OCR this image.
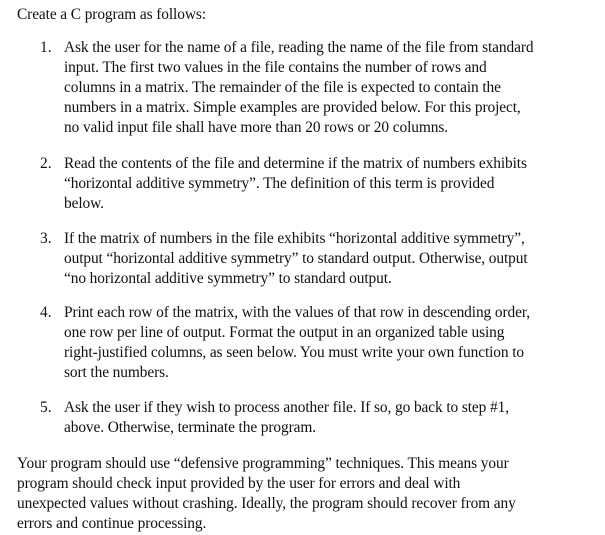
Create a C program as follows:

1. Ask the user for the name of a file, reading the name of the file from standard

input. The first two values in the file contains the number of rows and

columns in a matrix. The remainder of the file is expected to contain the

numbers in a matrix. Simple examples are provided below. For this project,

no valid input file shall have more than 20 rows or 20 columns.

2. Read the contents of the file and determine if the matrix of numbers exhibits

“horizontal additive symmetry”. The definition of this term is provided

below.

3. If the matrix of numbers in the file exhibits “horizontal additive symmetry”,

output “horizontal additive symmetry” to standard output. Otherwise, output

“no horizontal additive symmetry” to standard output.

4. Print each row of the matrix, with the values of that row in descending order,

one row per line of output. Format the output in an organized table using

right-justified columns, as seen below. You must write your own function to

sort the numbers.

5. Ask the user if they wish to process another file. If so, go back to step #1,

above. Otherwise, terminate the program.

Your program should use “defensive programming” techniques. This means your

program should check input provided by the user for errors and deal with

unexpected values without crashing. Ideally, the program should recover from any

errors and continue processing.
